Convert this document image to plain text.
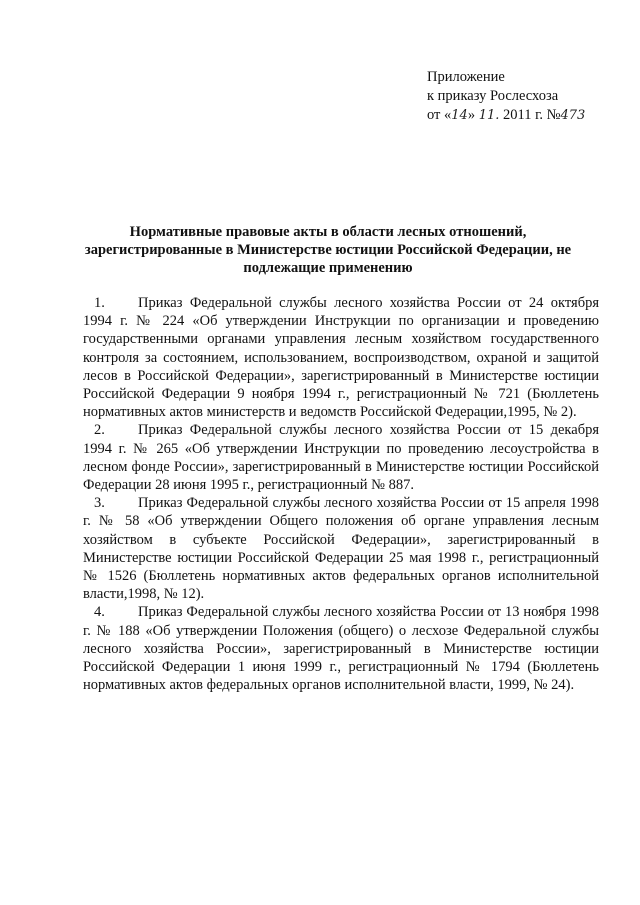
Приложение
к приказу Рослесхоза
от «14» 11. 2011 г. №473
Нормативные правовые акты в области лесных отношений,
зарегистрированные в Министерстве юстиции Российской Федерации, не
подлежащие применению

1. Приказ Федеральной службы лесного хозяйства России от 24 октября 1994 г. № 224 «Об утверждении Инструкции по организации и проведению государственными органами управления лесным хозяйством государственного контроля за состоянием, использованием, воспроизводством, охраной и защитой лесов в Российской Федерации», зарегистрированный в Министерстве юстиции Российской Федерации 9 ноября 1994 г., регистрационный № 721 (Бюллетень нормативных актов министерств и ведомств Российской Федерации,1995, № 2).

2. Приказ Федеральной службы лесного хозяйства России от 15 декабря 1994 г. № 265 «Об утверждении Инструкции по проведению лесоустройства в лесном фонде России», зарегистрированный в Министерстве юстиции Российской Федерации 28 июня 1995 г., регистрационный № 887.

3. Приказ Федеральной службы лесного хозяйства России от 15 апреля 1998 г. № 58 «Об утверждении Общего положения об органе управления лесным хозяйством в субъекте Российской Федерации», зарегистрированный в Министерстве юстиции Российской Федерации 25 мая 1998 г., регистрационный № 1526 (Бюллетень нормативных актов федеральных органов исполнительной власти,1998, № 12).

4. Приказ Федеральной службы лесного хозяйства России от 13 ноября 1998 г. № 188 «Об утверждении Положения (общего) о лесхозе Федеральной службы лесного хозяйства России», зарегистрированный в Министерстве юстиции Российской Федерации 1 июня 1999 г., регистрационный № 1794 (Бюллетень нормативных актов федеральных органов исполнительной власти, 1999, № 24).
